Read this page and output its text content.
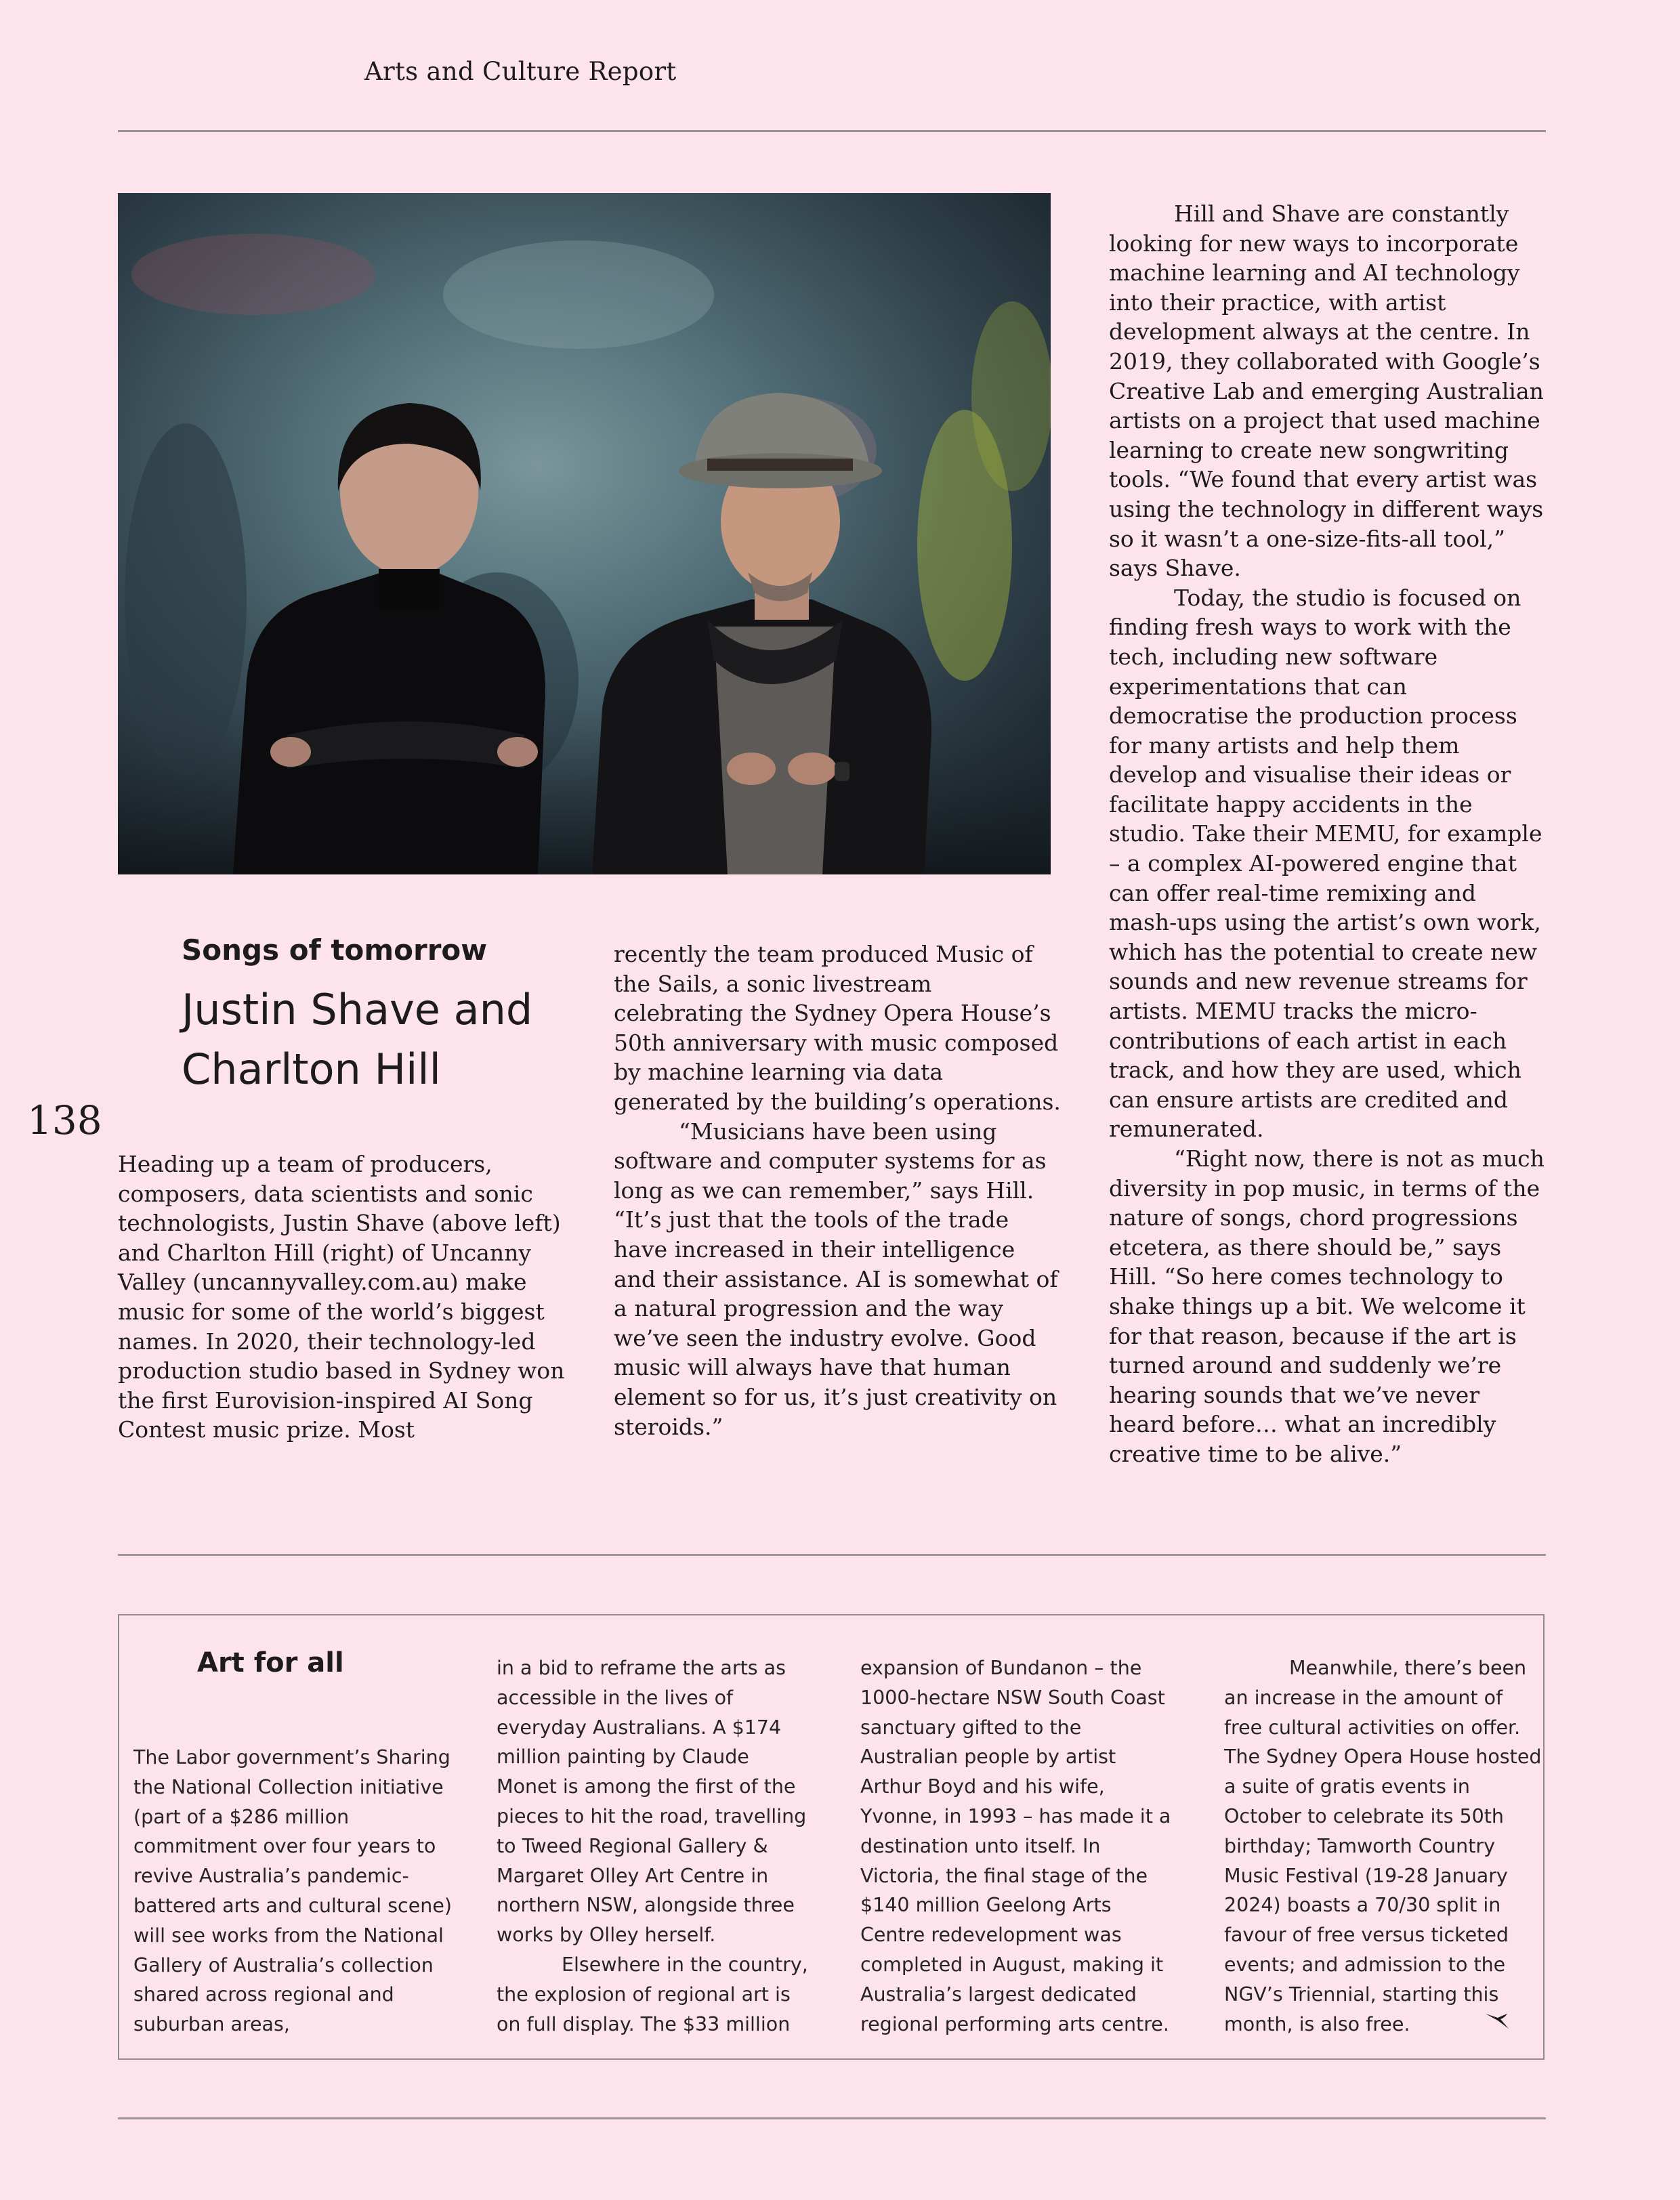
Arts and Culture Report
138
Songs of tomorrow
Justin Shave and
Charlton Hill

Heading up a team of producers, composers, data scientists and sonic technologists, Justin Shave (above left) and Charlton Hill (right) of Uncanny Valley (uncannyvalley.com.au) make music for some of the world’s biggest names. In 2020, their technology-led production studio based in Sydney won the first Eurovision-inspired AI Song Contest music prize. Most

recently the team produced Music of the Sails, a sonic livestream celebrating the Sydney Opera House’s 50th anniversary with music composed by machine learning via data generated by the building’s operations.

“Musicians have been using software and computer systems for as long as we can remember,” says Hill. “It’s just that the tools of the trade have increased in their intelligence and their assistance. AI is somewhat of a natural progression and the way we’ve seen the industry evolve. Good music will always have that human element so for us, it’s just creativity on steroids.”

Hill and Shave are constantly looking for new ways to incorporate machine learning and AI technology into their practice, with artist development always at the centre. In 2019, they collaborated with Google’s Creative Lab and emerging Australian artists on a project that used machine learning to create new songwriting tools. “We found that every artist was using the technology in different ways so it wasn’t a one-size-fits-all tool,” says Shave.

Today, the studio is focused on finding fresh ways to work with the tech, including new software experimentations that can democratise the production process for many artists and help them develop and visualise their ideas or facilitate happy accidents in the studio. Take their MEMU, for example – a complex AI-powered engine that can offer real-time remixing and mash-ups using the artist’s own work, which has the potential to create new sounds and new revenue streams for artists. MEMU tracks the micro-contributions of each artist in each track, and how they are used, which can ensure artists are credited and remunerated.

“Right now, there is not as much diversity in pop music, in terms of the nature of songs, chord progressions etcetera, as there should be,” says Hill. “So here comes technology to shake things up a bit. We welcome it for that reason, because if the art is turned around and suddenly we’re hearing sounds that we’ve never heard before… what an incredibly creative time to be alive.”

Art for all

The Labor government’s Sharing the National Collection initiative (part of a $286 million commitment over four years to revive Australia’s pandemic-battered arts and cultural scene) will see works from the National Gallery of Australia’s collection shared across regional and suburban areas,

in a bid to reframe the arts as accessible in the lives of everyday Australians. A $174 million painting by Claude Monet is among the first of the pieces to hit the road, travelling to Tweed Regional Gallery & Margaret Olley Art Centre in northern NSW, alongside three works by Olley herself.

Elsewhere in the country, the explosion of regional art is on full display. The $33 million

expansion of Bundanon – the 1000-hectare NSW South Coast sanctuary gifted to the Australian people by artist Arthur Boyd and his wife, Yvonne, in 1993 – has made it a destination unto itself. In Victoria, the final stage of the $140 million Geelong Arts Centre redevelopment was completed in August, making it Australia’s largest dedicated regional performing arts centre.

Meanwhile, there’s been an increase in the amount of free cultural activities on offer. The Sydney Opera House hosted a suite of gratis events in October to celebrate its 50th birthday; Tamworth Country Music Festival (19-28 January 2024) boasts a 70/30 split in favour of free versus ticketed events; and admission to the NGV’s Triennial, starting this month, is also free.
